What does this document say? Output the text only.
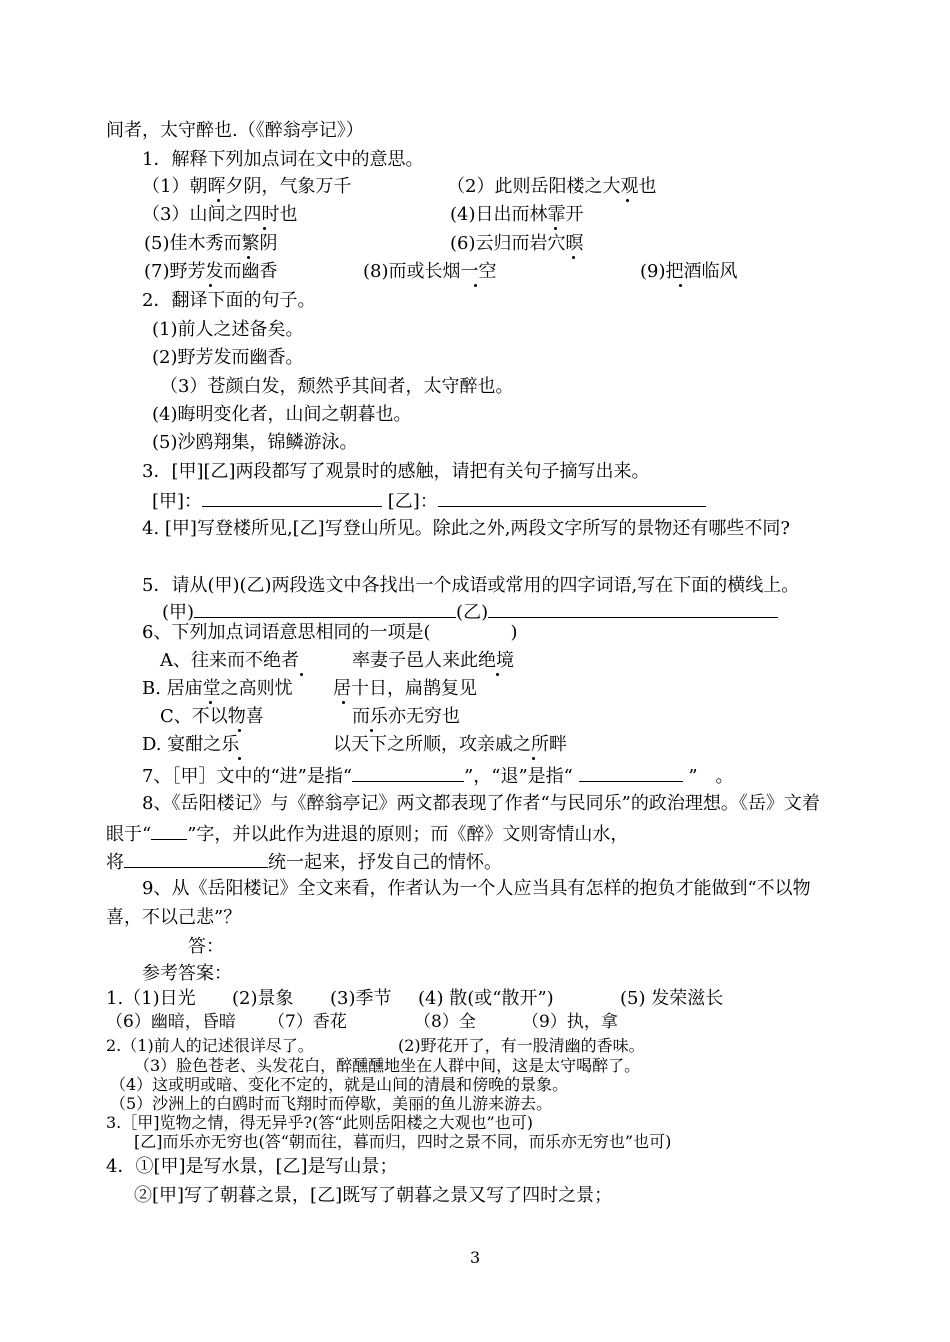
间者，太守醉也.（《醉翁亭记》）
1．解释下列加点词在文中的意思。
（1）朝晖夕阴，气象万千	（2）此则岳阳楼之大观也
（3）山间之四时也	(4)日出而林霏开
(5)佳木秀而繁阴	(6)云归而岩穴暝
(7)野芳发而幽香	(8)而或长烟一空	(9)把酒临风
2．翻译下面的句子。
(1)前人之述备矣。
(2)野芳发而幽香。
（3）苍颜白发，颓然乎其间者，太守醉也。
(4)晦明变化者，山间之朝暮也。
(5)沙鸥翔集，锦鳞游泳。
3．[甲][乙]两段都写了观景时的感触，请把有关句子摘写出来。
[甲]：	[乙]：
4. [甲]写登楼所见,[乙]写登山所见。除此之外,两段文字所写的景物还有哪些不同?
5．请从(甲)(乙)两段选文中各找出一个成语或常用的四字词语,写在下面的横线上。
(甲)	(乙)
6、下列加点词语意思相同的一项是(	)
A、往来而不绝者	率妻子邑人来此绝境
B. 居庙堂之高则忧 居十日，扁鹊复见
C、不以物喜	而乐亦无穷也
D. 宴酣之乐	以天下之所顺，攻亲戚之所畔
7、［甲］文中的“进”是指“	”，“退”是指“	”　。
8、《岳阳楼记》与《醉翁亭记》两文都表现了作者“与民同乐”的政治理想。《岳》文着
眼于“ ”字，并以此作为进退的原则；而《醉》文则寄情山水，
将	统一起来，抒发自己的情怀。
9、从《岳阳楼记》全文来看，作者认为一个人应当具有怎样的抱负才能做到“不以物
喜，不以己悲”？
答：
参考答案：
1.（1)日光 (2)景象 (3)季节 (4) 散(或“散开”)	(5) 发荣滋长
（6）幽暗，昏暗 （7）香花	（8）全	（9）执，拿
2.（1)前人的记述很详尽了。	(2)野花开了，有一股清幽的香味。
（3）脸色苍老、头发花白，醉醺醺地坐在人群中间，这是太守喝醉了。
（4）这或明或暗、变化不定的，就是山间的清晨和傍晚的景象。
（5）沙洲上的白鸥时而飞翔时而停歇，美丽的鱼儿游来游去。
3.［甲]览物之情，得无异乎?(答“此则岳阳楼之大观也”也可)
[乙]而乐亦无穷也(答“朝而往，暮而归，四时之景不同，而乐亦无穷也”也可)
4．①[甲]是写水景，[乙]是写山景；
②[甲]写了朝暮之景，[乙]既写了朝暮之景又写了四时之景；
3
